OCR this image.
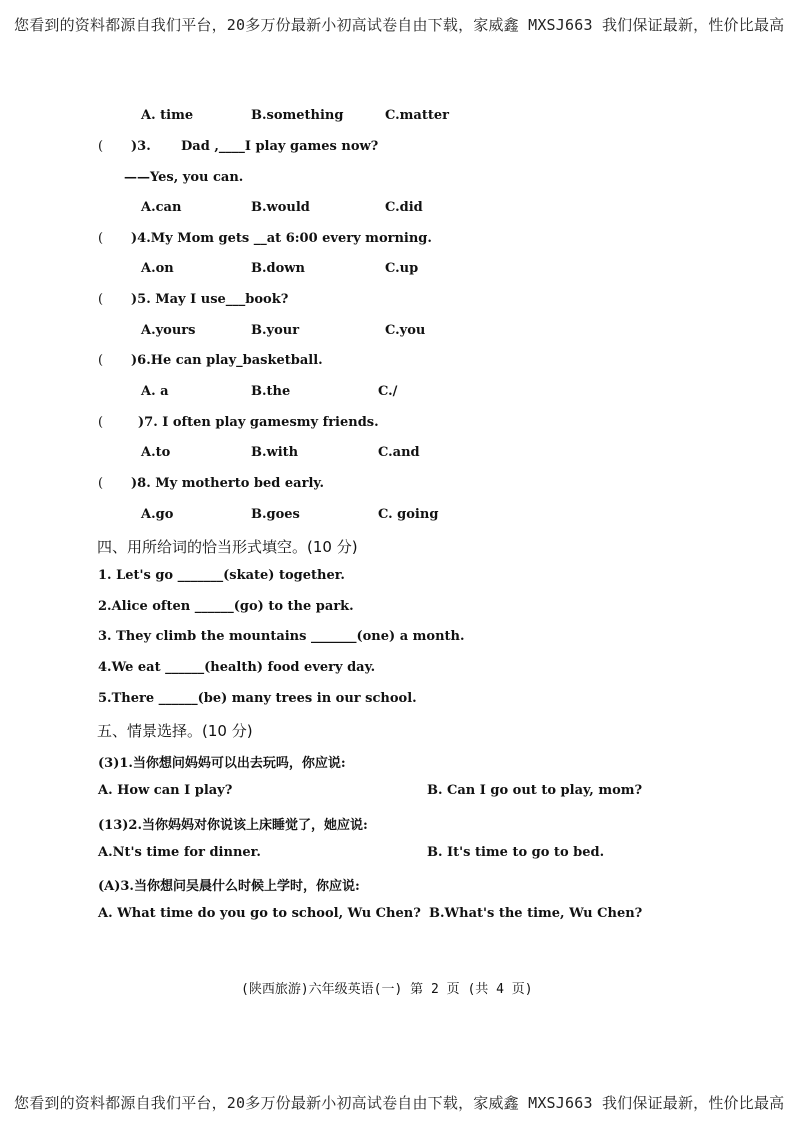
您看到的资料都源自我们平台，20多万份最新小初高试卷自由下载，家威鑫 MXSJ663 我们保证最新，性价比最高
A. time	B.something	C.matter
( )3. Dad ,____I play games now?
——Yes, you can.
A.can	B.would	C.did
( )4.My Mom gets __at 6:00 every morning.
A.on	B.down	C.up
( )5. May I use___book?
A.yours	B.your	C.you
( )6.He can play_basketball.
A. a	B.the	C./
(	)7. I often play gamesmy friends.
A.to	B.with	C.and
( )8. My motherto bed early.
A.go	B.goes	C. going
四、用所给词的恰当形式填空。(10 分)
1. Let's go _______(skate) together.
2.Alice often ______(go) to the park.
3. They climb the mountains _______(one) a month.
4.We eat ______(health) food every day.
5.There ______(be) many trees in our school.
五、情景选择。(10 分)
(3)1.当你想问妈妈可以出去玩吗，你应说:
A. How can I play?	B. Can I go out to play, mom?
(13)2.当你妈妈对你说该上床睡觉了，她应说:
A.Nt's time for dinner.	B. It's time to go to bed.
(A)3.当你想问吴晨什么时候上学时，你应说:
A. What time do you go to school, Wu Chen? B.What's the time, Wu Chen?
(陕西旅游)六年级英语(一) 第 2 页 (共 4 页)
您看到的资料都源自我们平台，20多万份最新小初高试卷自由下载，家威鑫 MXSJ663 我们保证最新，性价比最高
